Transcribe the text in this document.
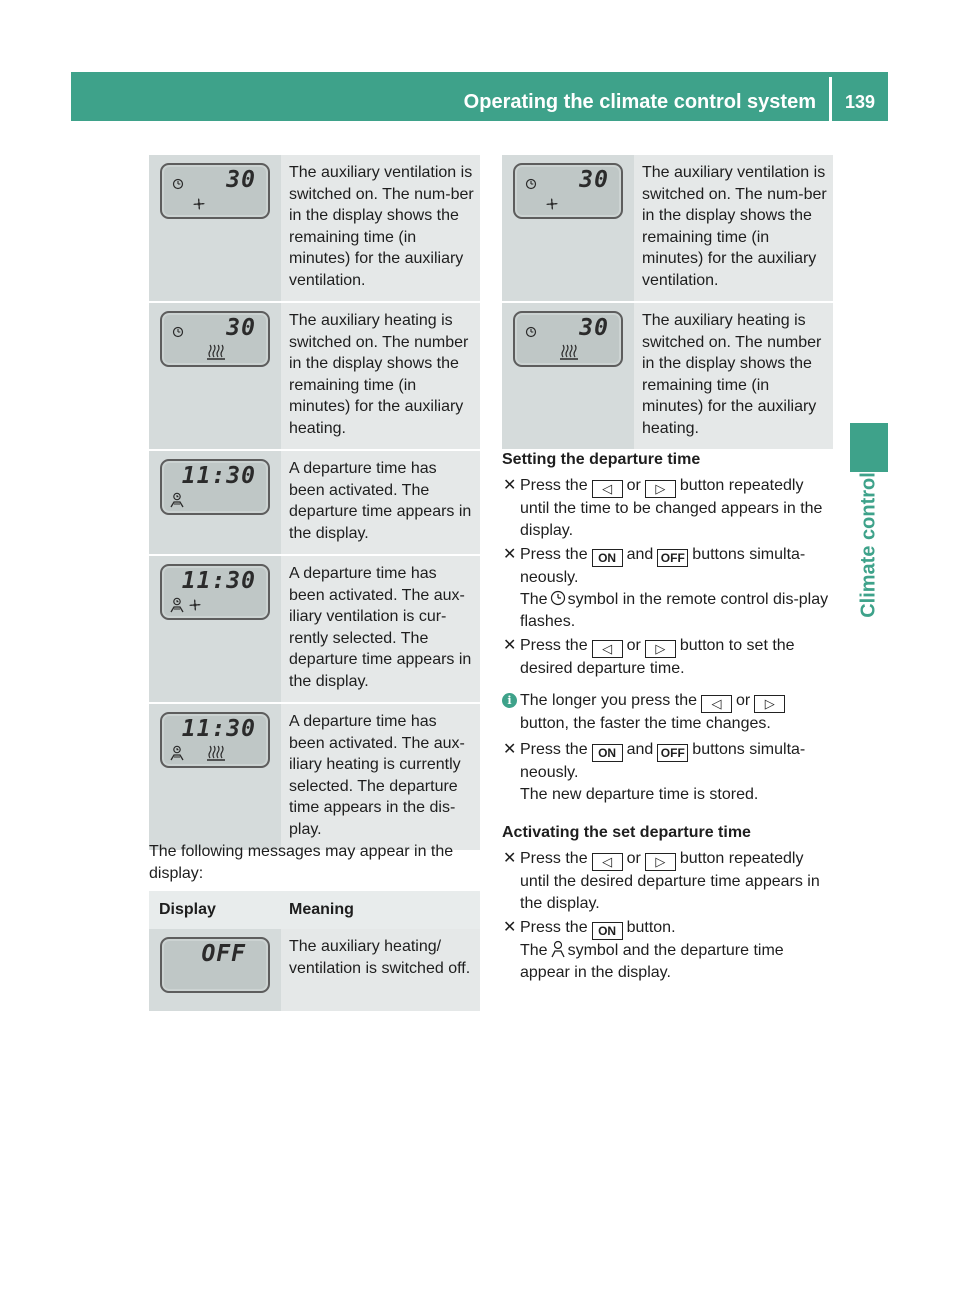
Operating the climate control system	139
Climate control
30	The auxiliary ventilation is switched on. The num-ber in the display shows the remaining time (in minutes) for the auxiliary ventilation.

30	The auxiliary heating is switched on. The number in the display shows the remaining time (in minutes) for the auxiliary heating.

11:30	A departure time has been activated. The departure time appears in the display.

11:30	A departure time has been activated. The aux-iliary ventilation is cur-rently selected. The departure time appears in the display.

11:30	A departure time has been activated. The aux-iliary heating is currently selected. The departure time appears in the dis-play.
The following messages may appear in the display:
Display	Meaning

OFF	The auxiliary heating/ ventilation is switched off.
30	The auxiliary ventilation is switched on. The num-ber in the display shows the remaining time (in minutes) for the auxiliary ventilation.

30	The auxiliary heating is switched on. The number in the display shows the remaining time (in minutes) for the auxiliary heating.
Setting the departure time
✕ Press the ◁ or ▷ button repeatedly until the time to be changed appears in the display.
✕ Press the ON and OFF buttons simulta-neously.
The symbol in the remote control dis-play flashes.
✕ Press the ◁ or ▷ button to set the desired departure time.
i The longer you press the ◁ or ▷button, the faster the time changes.
✕ Press the ON and OFF buttons simulta-neously.
The new departure time is stored.
Activating the set departure time
✕ Press the ◁ or ▷ button repeatedly until the desired departure time appears in the display.
✕ Press the ON button.
The symbol and the departure time appear in the display.
